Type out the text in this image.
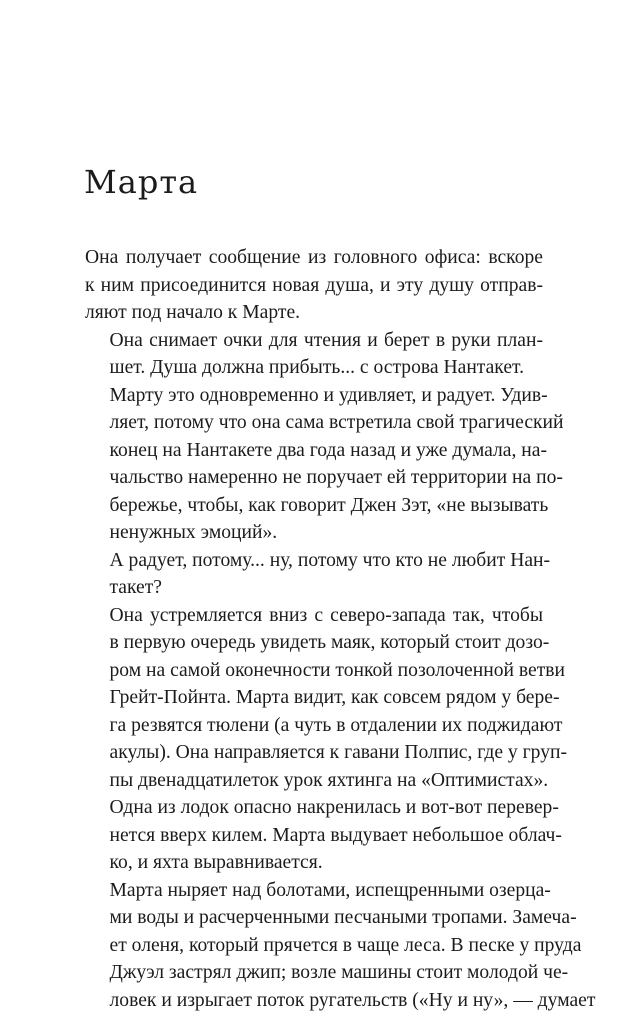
Марта

Она получает сообщение из головного офиса: вскоре
к ним присоединится новая душа, и эту душу отправ-
ляют под начало к Марте.

Она снимает очки для чтения и берет в руки план-
шет. Душа должна прибыть... с острова Нантакет.

Марту это одновременно и удивляет, и радует. Удив-
ляет, потому что она сама встретила свой трагический
конец на Нантакете два года назад и уже думала, на-
чальство намеренно не поручает ей территории на по-
бережье, чтобы, как говорит Джен Зэт, «не вызывать
ненужных эмоций».

А радует, потому... ну, потому что кто не любит Нан-
такет?

Она устремляется вниз с северо-запада так, чтобы
в первую очередь увидеть маяк, который стоит дозо-
ром на самой оконечности тонкой позолоченной ветви
Грейт-Пойнта. Марта видит, как совсем рядом у бере-
га резвятся тюлени (а чуть в отдалении их поджидают
акулы). Она направляется к гавани Полпис, где у груп-
пы двенадцатилеток урок яхтинга на «Оптимистах».
Одна из лодок опасно накренилась и вот-вот перевер-
нется вверх килем. Марта выдувает небольшое облач-
ко, и яхта выравнивается.

Марта ныряет над болотами, испещренными озерца-
ми воды и расчерченными песчаными тропами. Замеча-
ет оленя, который прячется в чаще леса. В песке у пруда
Джуэл застрял джип; возле машины стоит молодой че-
ловек и изрыгает поток ругательств («Ну и ну», — думает
